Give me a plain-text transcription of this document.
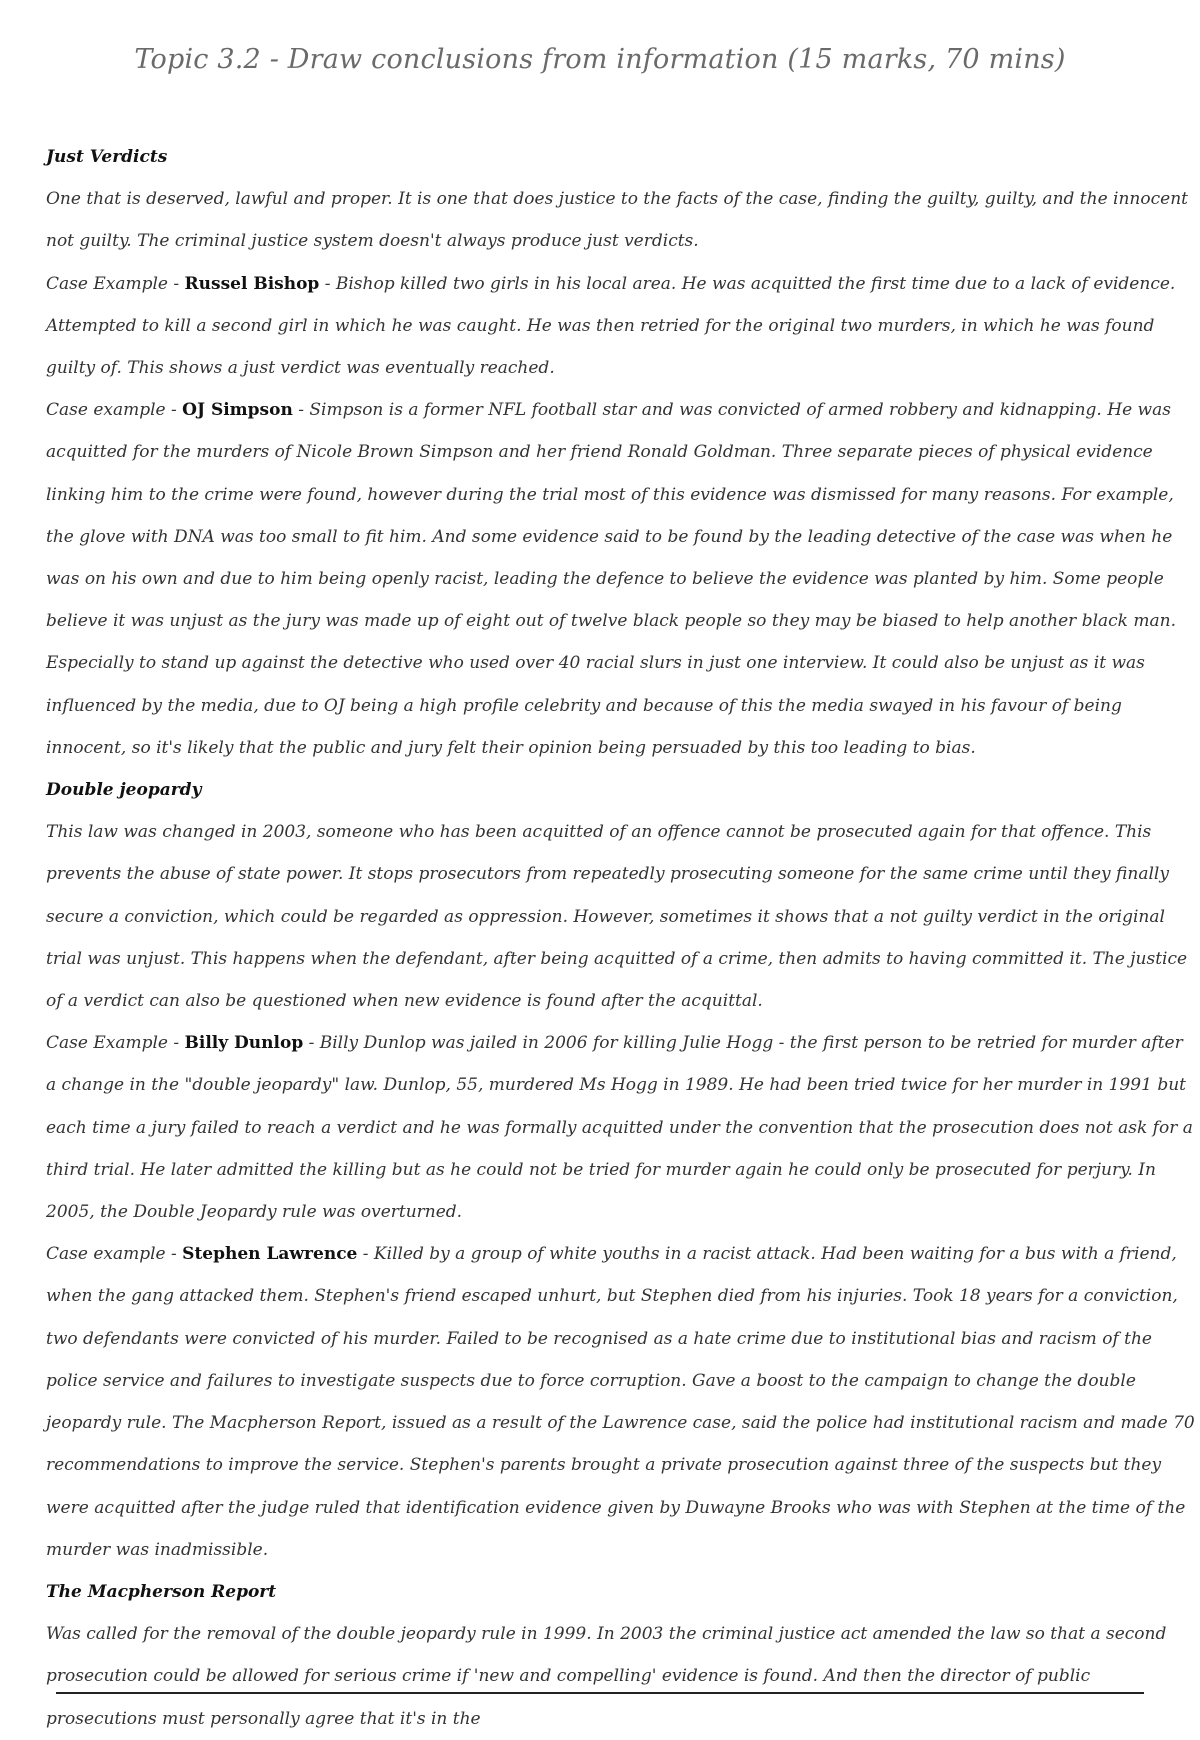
Topic 3.2 - Draw conclusions from information (15 marks, 70 mins)

Just Verdicts

One that is deserved, lawful and proper. It is one that does justice to the facts of the case, finding the guilty, guilty, and the innocent not guilty. The criminal justice system doesn't always produce just verdicts.

Case Example - Russel Bishop - Bishop killed two girls in his local area. He was acquitted the first time due to a lack of evidence. Attempted to kill a second girl in which he was caught. He was then retried for the original two murders, in which he was found guilty of. This shows a just verdict was eventually reached.

Case example - OJ Simpson - Simpson is a former NFL football star and was convicted of armed robbery and kidnapping. He was acquitted for the murders of Nicole Brown Simpson and her friend Ronald Goldman. Three separate pieces of physical evidence linking him to the crime were found, however during the trial most of this evidence was dismissed for many reasons. For example, the glove with DNA was too small to fit him. And some evidence said to be found by the leading detective of the case was when he was on his own and due to him being openly racist, leading the defence to believe the evidence was planted by him. Some people believe it was unjust as the jury was made up of eight out of twelve black people so they may be biased to help another black man. Especially to stand up against the detective who used over 40 racial slurs in just one interview. It could also be unjust as it was influenced by the media, due to OJ being a high profile celebrity and because of this the media swayed in his favour of being innocent, so it's likely that the public and jury felt their opinion being persuaded by this too leading to bias.

Double jeopardy

This law was changed in 2003, someone who has been acquitted of an offence cannot be prosecuted again for that offence. This prevents the abuse of state power. It stops prosecutors from repeatedly prosecuting someone for the same crime until they finally secure a conviction, which could be regarded as oppression. However, sometimes it shows that a not guilty verdict in the original trial was unjust. This happens when the defendant, after being acquitted of a crime, then admits to having committed it. The justice of a verdict can also be questioned when new evidence is found after the acquittal.

Case Example - Billy Dunlop - Billy Dunlop was jailed in 2006 for killing Julie Hogg - the first person to be retried for murder after a change in the "double jeopardy" law. Dunlop, 55, murdered Ms Hogg in 1989. He had been tried twice for her murder in 1991 but each time a jury failed to reach a verdict and he was formally acquitted under the convention that the prosecution does not ask for a third trial. He later admitted the killing but as he could not be tried for murder again he could only be prosecuted for perjury. In 2005, the Double Jeopardy rule was overturned.

Case example - Stephen Lawrence - Killed by a group of white youths in a racist attack. Had been waiting for a bus with a friend, when the gang attacked them. Stephen's friend escaped unhurt, but Stephen died from his injuries. Took 18 years for a conviction, two defendants were convicted of his murder. Failed to be recognised as a hate crime due to institutional bias and racism of the police service and failures to investigate suspects due to force corruption. Gave a boost to the campaign to change the double jeopardy rule. The Macpherson Report, issued as a result of the Lawrence case, said the police had institutional racism and made 70 recommendations to improve the service. Stephen's parents brought a private prosecution against three of the suspects but they were acquitted after the judge ruled that identification evidence given by Duwayne Brooks who was with Stephen at the time of the murder was inadmissible.

The Macpherson Report

Was called for the removal of the double jeopardy rule in 1999. In 2003 the criminal justice act amended the law so that a second prosecution could be allowed for serious crime if 'new and compelling' evidence is found. And then the director of public prosecutions must personally agree that it's in the
